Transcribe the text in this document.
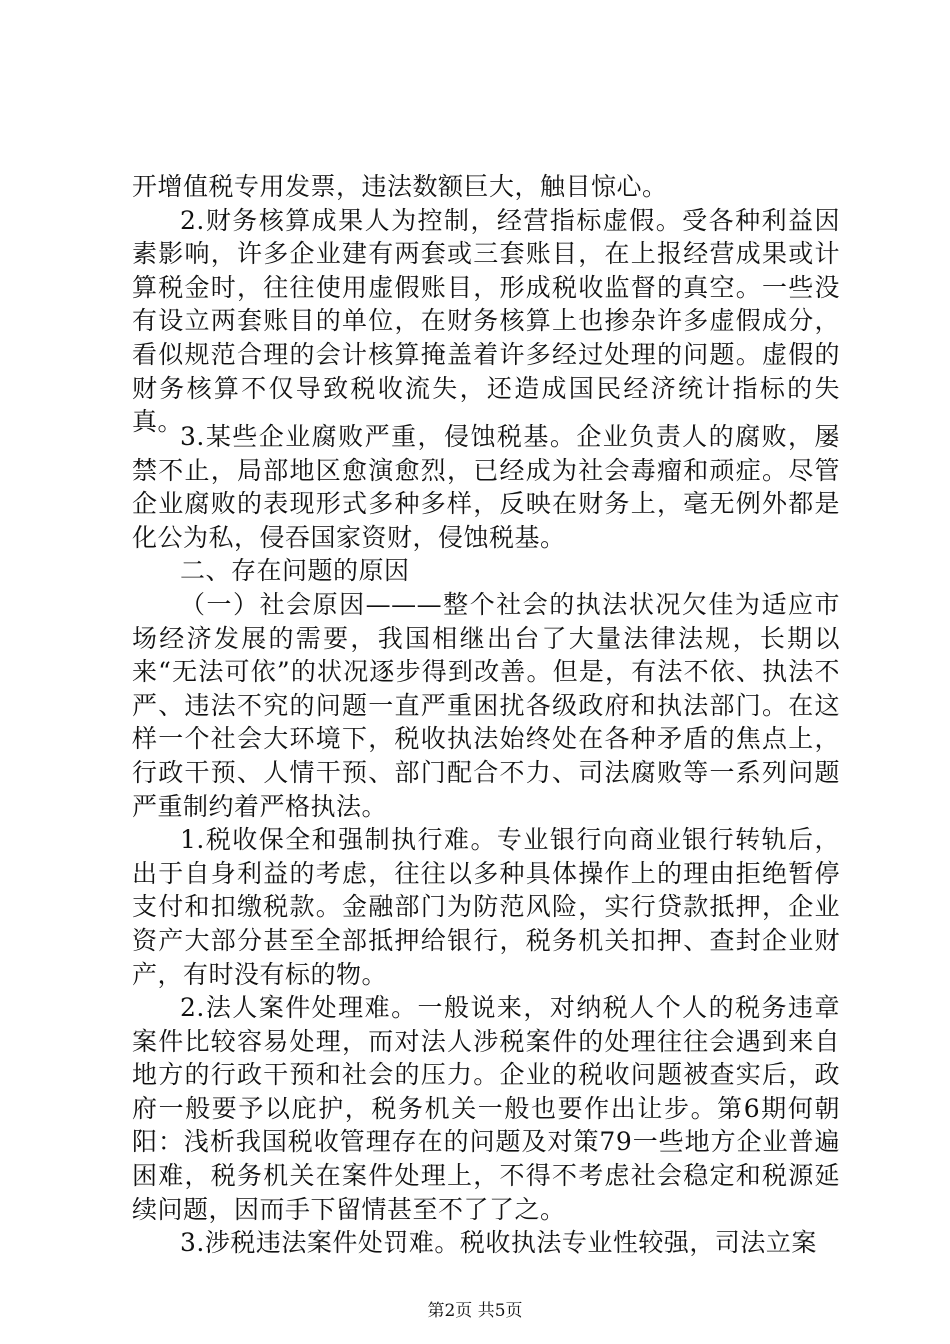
开增值税专用发票，违法数额巨大，触目惊心。

2.财务核算成果人为控制，经营指标虚假。受各种利益因素影响，许多企业建有两套或三套账目，在上报经营成果或计算税金时，往往使用虚假账目，形成税收监督的真空。一些没有设立两套账目的单位，在财务核算上也掺杂许多虚假成分，看似规范合理的会计核算掩盖着许多经过处理的问题。虚假的财务核算不仅导致税收流失，还造成国民经济统计指标的失真。

3.某些企业腐败严重，侵蚀税基。企业负责人的腐败，屡禁不止，局部地区愈演愈烈，已经成为社会毒瘤和顽症。尽管企业腐败的表现形式多种多样，反映在财务上，毫无例外都是化公为私，侵吞国家资财，侵蚀税基。

二、存在问题的原因

（一）社会原因———整个社会的执法状况欠佳为适应市场经济发展的需要，我国相继出台了大量法律法规，长期以来“无法可依”的状况逐步得到改善。但是，有法不依、执法不严、违法不究的问题一直严重困扰各级政府和执法部门。在这样一个社会大环境下，税收执法始终处在各种矛盾的焦点上，行政干预、人情干预、部门配合不力、司法腐败等一系列问题严重制约着严格执法。

1.税收保全和强制执行难。专业银行向商业银行转轨后，出于自身利益的考虑，往往以多种具体操作上的理由拒绝暂停支付和扣缴税款。金融部门为防范风险，实行贷款抵押，企业资产大部分甚至全部抵押给银行，税务机关扣押、查封企业财产，有时没有标的物。

2.法人案件处理难。一般说来，对纳税人个人的税务违章案件比较容易处理，而对法人涉税案件的处理往往会遇到来自地方的行政干预和社会的压力。企业的税收问题被查实后，政府一般要予以庇护，税务机关一般也要作出让步。第6期何朝阳：浅析我国税收管理存在的问题及对策79一些地方企业普遍困难，税务机关在案件处理上，不得不考虑社会稳定和税源延续问题，因而手下留情甚至不了了之。

3.涉税违法案件处罚难。税收执法专业性较强，司法立案

第2页 共5页
